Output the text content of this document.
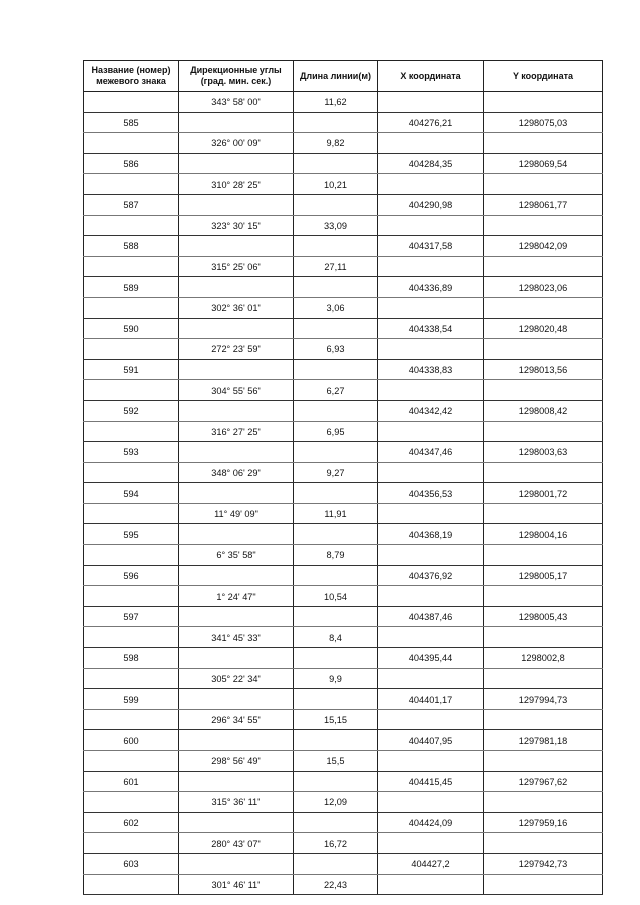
Название (номер) межевого знака	Дирекционные углы (град. мин. сек.)	Длина линии(м)	X координата	Y координата
	343° 58' 00"	11,62		
585			404276,21	1298075,03
	326° 00' 09"	9,82		
586			404284,35	1298069,54
	310° 28' 25"	10,21		
587			404290,98	1298061,77
	323° 30' 15"	33,09		
588			404317,58	1298042,09
	315° 25' 06"	27,11		
589			404336,89	1298023,06
	302° 36' 01"	3,06		
590			404338,54	1298020,48
	272° 23' 59"	6,93		
591			404338,83	1298013,56
	304° 55' 56"	6,27		
592			404342,42	1298008,42
	316° 27' 25"	6,95		
593			404347,46	1298003,63
	348° 06' 29"	9,27		
594			404356,53	1298001,72
	11° 49' 09"	11,91		
595			404368,19	1298004,16
	6° 35' 58"	8,79		
596			404376,92	1298005,17
	1° 24' 47"	10,54		
597			404387,46	1298005,43
	341° 45' 33"	8,4		
598			404395,44	1298002,8
	305° 22' 34"	9,9		
599			404401,17	1297994,73
	296° 34' 55"	15,15		
600			404407,95	1297981,18
	298° 56' 49"	15,5		
601			404415,45	1297967,62
	315° 36' 11"	12,09		
602			404424,09	1297959,16
	280° 43' 07"	16,72		
603			404427,2	1297942,73
	301° 46' 11"	22,43		
